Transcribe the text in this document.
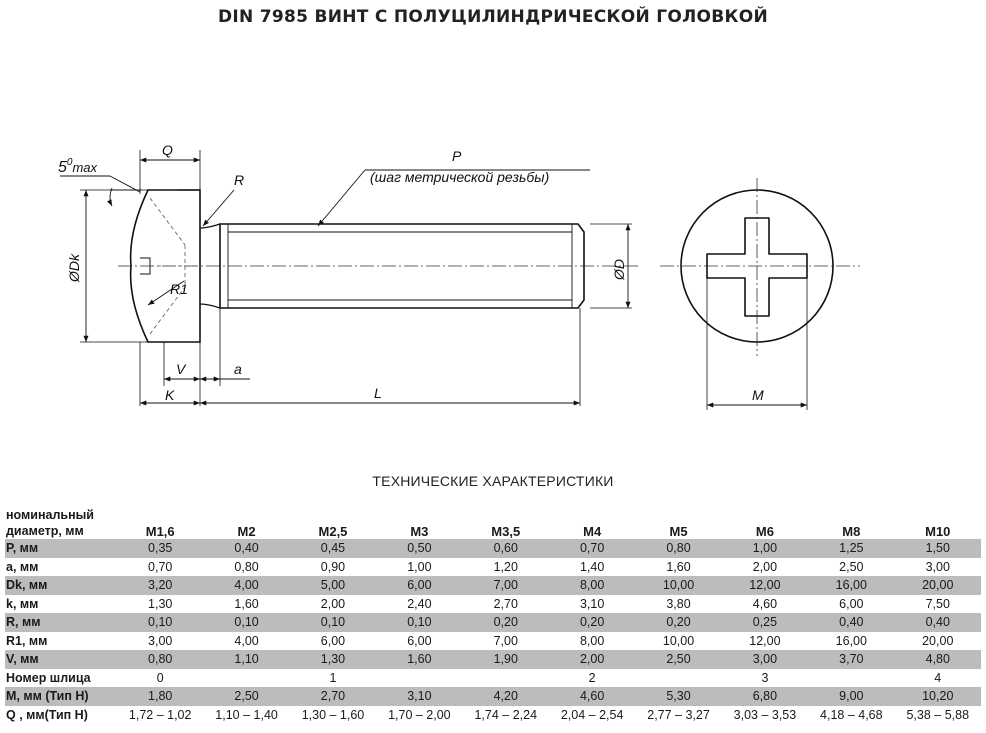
DIN 7985 ВИНТ С ПОЛУЦИЛИНДРИЧЕСКОЙ ГОЛОВКОЙ
$5^0_{max}$
Q
R
P
(шаг метрической резьбы)
ØDk
R1
ØD
V	a
K	L	M
ТЕХНИЧЕСКИЕ ХАРАКТЕРИСТИКИ
номинальный
диаметр, мм	M1,6	M2	M2,5	M3	M3,5	M4	M5	M6	M8	M10
P, мм	0,35	0,40	0,45	0,50	0,60	0,70	0,80	1,00	1,25	1,50
a, мм	0,70	0,80	0,90	1,00	1,20	1,40	1,60	2,00	2,50	3,00
Dk, мм	3,20	4,00	5,00	6,00	7,00	8,00	10,00	12,00	16,00	20,00
k, мм	1,30	1,60	2,00	2,40	2,70	3,10	3,80	4,60	6,00	7,50
R, мм	0,10	0,10	0,10	0,10	0,20	0,20	0,20	0,25	0,40	0,40
R1, мм	3,00	4,00	6,00	6,00	7,00	8,00	10,00	12,00	16,00	20,00
V, мм	0,80	1,10	1,30	1,60	1,90	2,00	2,50	3,00	3,70	4,80
Номер шлица	0		1			2		3		4
M, мм (Тип H)	1,80	2,50	2,70	3,10	4,20	4,60	5,30	6,80	9,00	10,20
Q , мм(Тип H)	1,72 – 1,02	1,10 – 1,40	1,30 – 1,60	1,70 – 2,00	1,74 – 2,24	2,04 – 2,54	2,77 – 3,27	3,03 – 3,53	4,18 – 4,68	5,38 – 5,88
